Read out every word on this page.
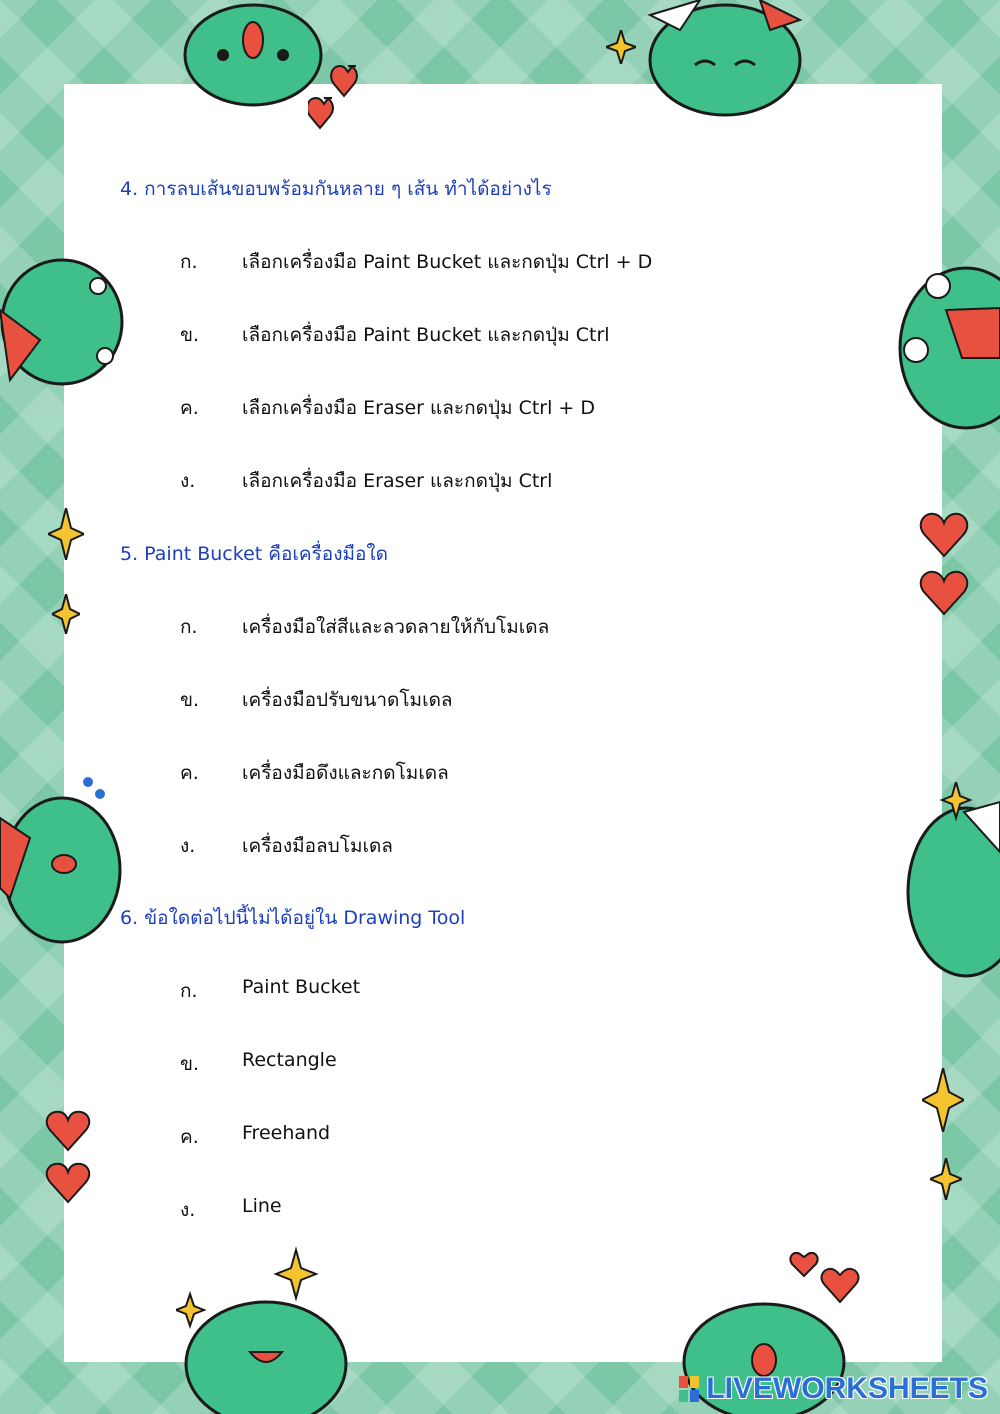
4. การลบเส้นขอบพร้อมกันหลาย ๆ เส้น ทำได้อย่างไร
ก. เลือกเครื่องมือ Paint Bucket และกดปุ่ม Ctrl + D
ข. เลือกเครื่องมือ Paint Bucket และกดปุ่ม Ctrl
ค. เลือกเครื่องมือ Eraser และกดปุ่ม Ctrl + D
ง. เลือกเครื่องมือ Eraser และกดปุ่ม Ctrl
5. Paint Bucket คือเครื่องมือใด
ก. เครื่องมือใส่สีและลวดลายให้กับโมเดล
ข. เครื่องมือปรับขนาดโมเดล
ค. เครื่องมือดึงและกดโมเดล
ง. เครื่องมือลบโมเดล
6. ข้อใดต่อไปนี้ไม่ได้อยู่ใน Drawing Tool
ก. Paint Bucket
ข. Rectangle
ค. Freehand
ง. Line
LIVEWORKSHEETS
